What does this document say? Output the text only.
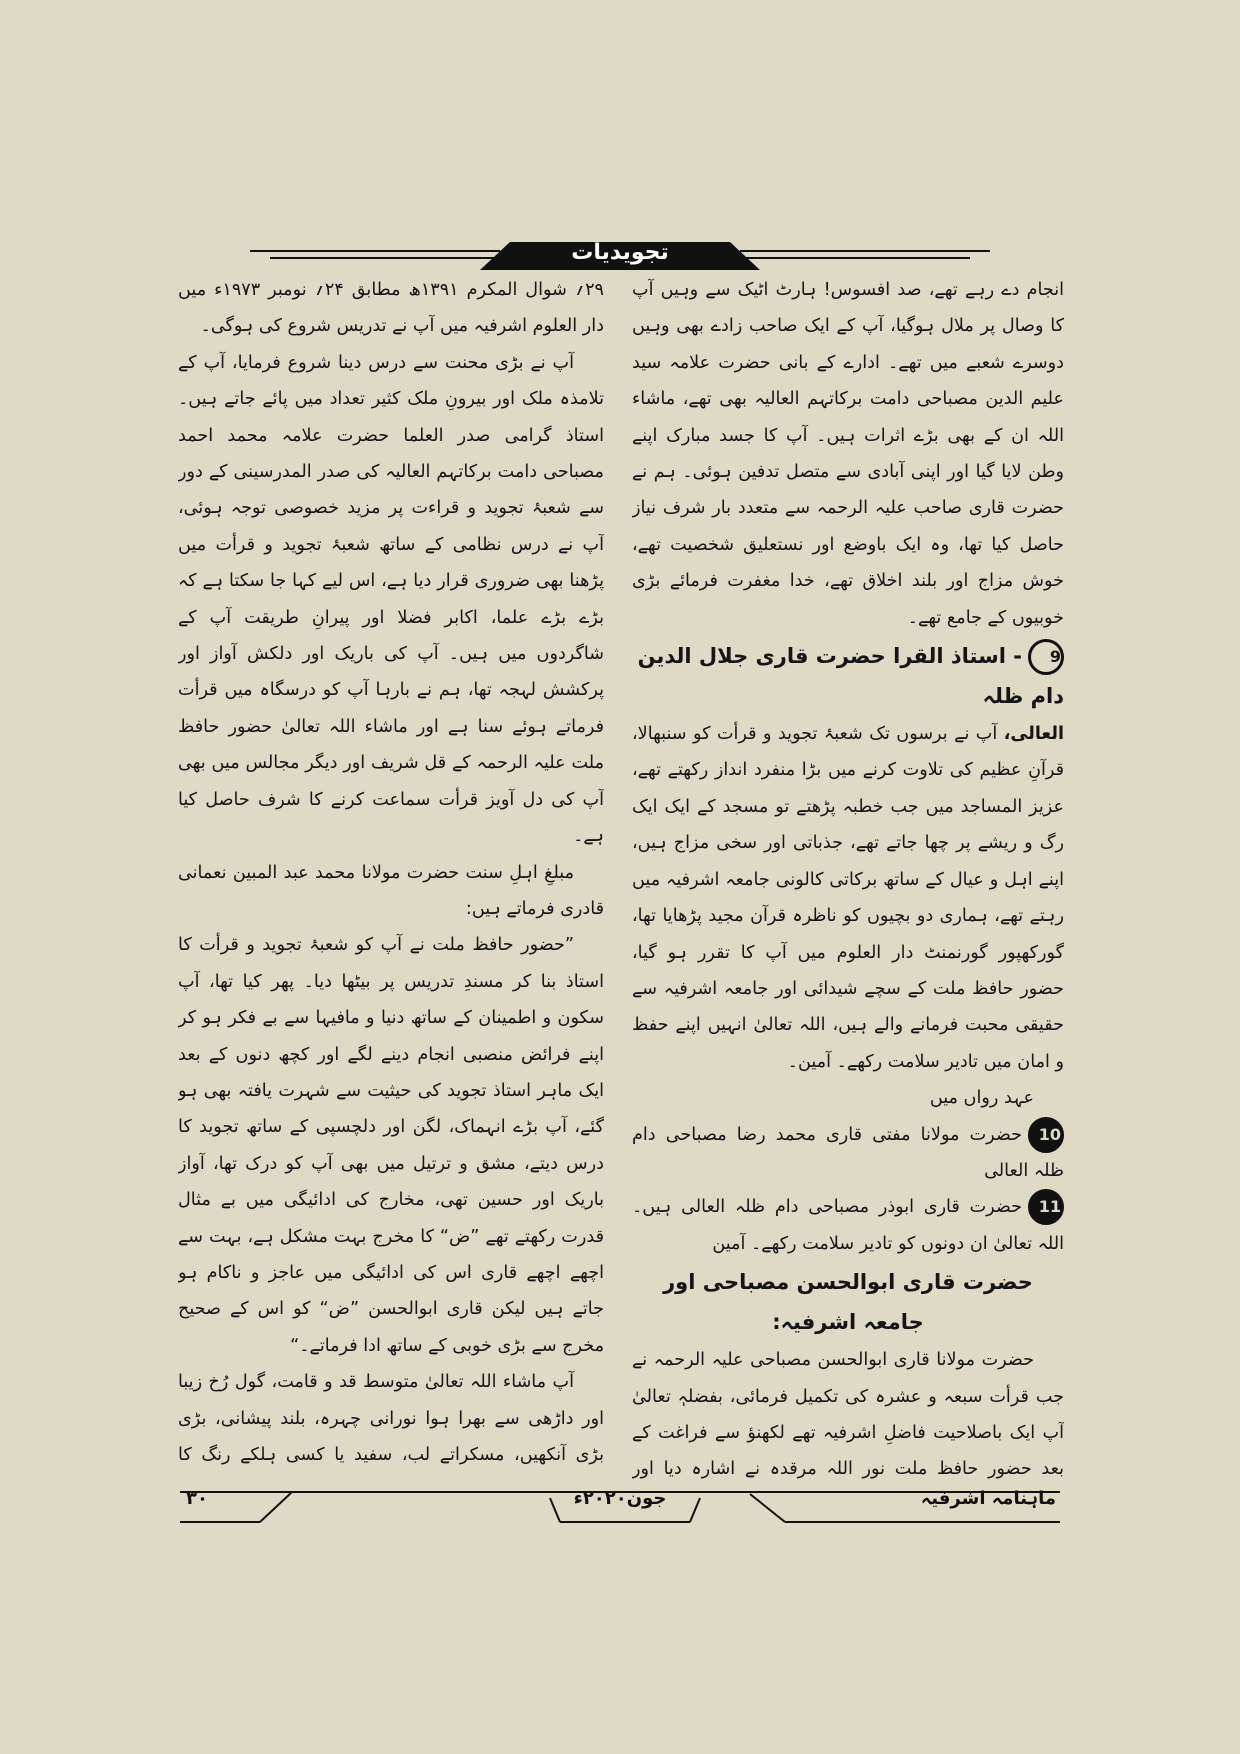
تجویدیات

انجام دے رہے تھے، صد افسوس! ہارٹ اٹیک سے وہیں آپ کا وصال پر ملال ہوگیا، آپ کے ایک صاحب زادے بھی وہیں دوسرے شعبے میں تھے۔ ادارے کے بانی حضرت علامہ سید علیم الدین مصباحی دامت برکاتہم العالیہ بھی تھے، ماشاء اللہ ان کے بھی بڑے اثرات ہیں۔ آپ کا جسد مبارک اپنے وطن لایا گیا اور اپنی آبادی سے متصل تدفین ہوئی۔ ہم نے حضرت قاری صاحب علیہ الرحمہ سے متعدد بار شرف نیاز حاصل کیا تھا، وہ ایک باوضع اور نستعلیق شخصیت تھے، خوش مزاج اور بلند اخلاق تھے، خدا مغفرت فرمائے بڑی خوبیوں کے جامع تھے۔

9- استاذ القرا حضرت قاری جلال الدین دام ظلہ

العالی، آپ نے برسوں تک شعبۂ تجوید و قرأت کو سنبھالا، قرآنِ عظیم کی تلاوت کرنے میں بڑا منفرد انداز رکھتے تھے، عزیز المساجد میں جب خطبہ پڑھتے تو مسجد کے ایک ایک رگ و ریشے پر چھا جاتے تھے، جذباتی اور سخی مزاج ہیں، اپنے اہل و عیال کے ساتھ برکاتی کالونی جامعہ اشرفیہ میں رہتے تھے، ہماری دو بچیوں کو ناظرہ قرآن مجید پڑھایا تھا، گورکھپور گورنمنٹ دار العلوم میں آپ کا تقرر ہو گیا، حضور حافظ ملت کے سچے شیدائی اور جامعہ اشرفیہ سے حقیقی محبت فرمانے والے ہیں، اللہ تعالیٰ انہیں اپنے حفظ و امان میں تادیر سلامت رکھے۔ آمین۔

عہد رواں میں

10حضرت مولانا مفتی قاری محمد رضا مصباحی دام ظلہ العالی

11حضرت قاری ابوذر مصباحی دام ظلہ العالی ہیں۔ اللہ تعالیٰ ان دونوں کو تادیر سلامت رکھے۔ آمین

حضرت قاری ابوالحسن مصباحی اور جامعہ اشرفیہ:

حضرت مولانا قاری ابوالحسن مصباحی علیہ الرحمہ نے جب قرأت سبعہ و عشرہ کی تکمیل فرمائی، بفضلہٖ تعالیٰ آپ ایک باصلاحیت فاضلِ اشرفیہ تھے لکھنؤ سے فراغت کے بعد حضور حافظ ملت نور اللہ مرقدہ نے اشارہ دیا اور

۲۹؍ شوال المکرم ۱۳۹۱ھ مطابق ۲۴؍ نومبر ۱۹۷۳ء میں دار العلوم اشرفیہ میں آپ نے تدریس شروع کی ہوگی۔

آپ نے بڑی محنت سے درس دینا شروع فرمایا، آپ کے تلامذہ ملک اور بیرونِ ملک کثیر تعداد میں پائے جاتے ہیں۔ استاذ گرامی صدر العلما حضرت علامہ محمد احمد مصباحی دامت برکاتہم العالیہ کی صدر المدرسینی کے دور سے شعبۂ تجوید و قراءت پر مزید خصوصی توجہ ہوئی، آپ نے درس نظامی کے ساتھ شعبۂ تجوید و قرأت میں پڑھنا بھی ضروری قرار دیا ہے، اس لیے کہا جا سکتا ہے کہ بڑے بڑے علما، اکابر فضلا اور پیرانِ طریقت آپ کے شاگردوں میں ہیں۔ آپ کی باریک اور دلکش آواز اور پرکشش لہجہ تھا، ہم نے بارہا آپ کو درسگاہ میں قرأت فرماتے ہوئے سنا ہے اور ماشاء اللہ تعالیٰ حضور حافظ ملت علیہ الرحمہ کے قل شریف اور دیگر مجالس میں بھی آپ کی دل آویز قرأت سماعت کرنے کا شرف حاصل کیا ہے۔

مبلغِ اہلِ سنت حضرت مولانا محمد عبد المبین نعمانی قادری فرماتے ہیں:

”حضور حافظ ملت نے آپ کو شعبۂ تجوید و قرأت کا استاذ بنا کر مسندِ تدریس پر بیٹھا دیا۔ پھر کیا تھا، آپ سکون و اطمینان کے ساتھ دنیا و مافیہا سے بے فکر ہو کر اپنے فرائض منصبی انجام دینے لگے اور کچھ دنوں کے بعد ایک ماہر استاذ تجوید کی حیثیت سے شہرت یافتہ بھی ہو گئے، آپ بڑے انہماک، لگن اور دلچسپی کے ساتھ تجوید کا درس دیتے، مشق و ترتیل میں بھی آپ کو درک تھا، آواز باریک اور حسین تھی، مخارج کی ادائیگی میں بے مثال قدرت رکھتے تھے ”ض“ کا مخرج بہت مشکل ہے، بہت سے اچھے اچھے قاری اس کی ادائیگی میں عاجز و ناکام ہو جاتے ہیں لیکن قاری ابوالحسن ”ض“ کو اس کے صحیح مخرج سے بڑی خوبی کے ساتھ ادا فرماتے۔“

آپ ماشاء اللہ تعالیٰ متوسط قد و قامت، گول رُخ زیبا اور داڑھی سے بھرا ہوا نورانی چہرہ، بلند پیشانی، بڑی بڑی آنکھیں، مسکراتے لب، سفید یا کسی ہلکے رنگ کا

ماہنامہ اشرفیہ
جون۲۰۲۰ء
۳۰
